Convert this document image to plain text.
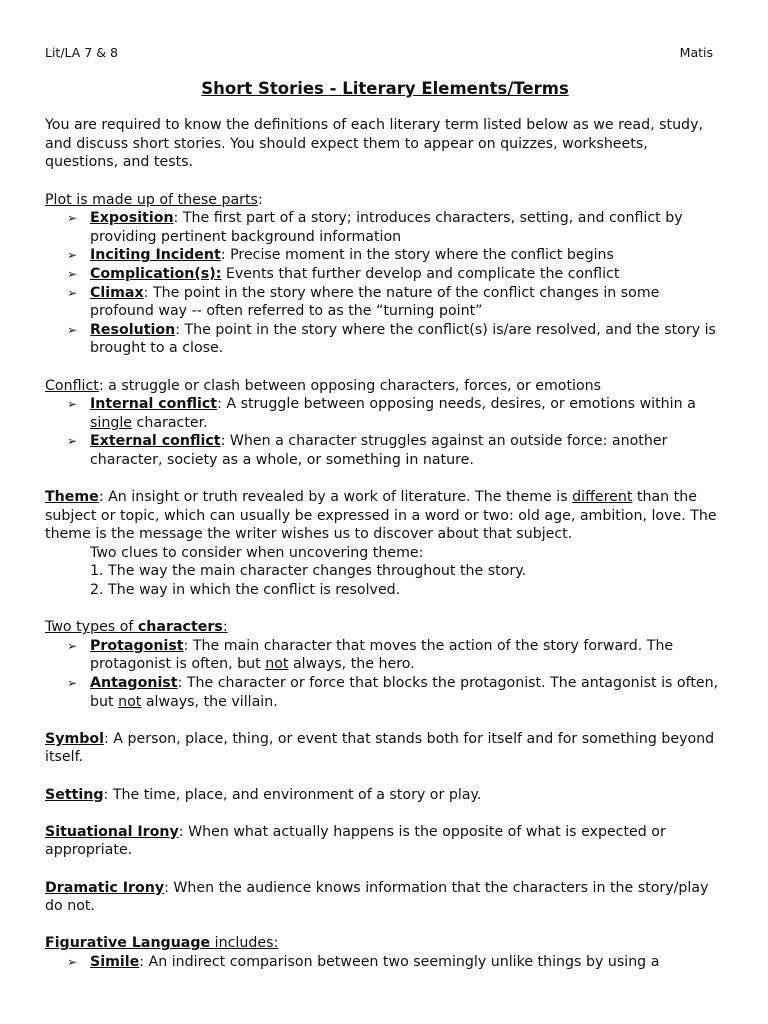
Lit/LA 7 & 8	Matis
Short Stories - Literary Elements/Terms

You are required to know the definitions of each literary term listed below as we read, study, and discuss short stories. You should expect them to appear on quizzes, worksheets, questions, and tests.

Plot is made up of these parts:

➢ Exposition: The first part of a story; introduces characters, setting, and conflict by providing pertinent background information
➢ Inciting Incident: Precise moment in the story where the conflict begins
➢ Complication(s): Events that further develop and complicate the conflict
➢ Climax: The point in the story where the nature of the conflict changes in some profound way -- often referred to as the “turning point”
➢ Resolution: The point in the story where the conflict(s) is/are resolved, and the story is brought to a close.

Conflict: a struggle or clash between opposing characters, forces, or emotions

➢ Internal conflict: A struggle between opposing needs, desires, or emotions within a single character.
➢ External conflict: When a character struggles against an outside force: another character, society as a whole, or something in nature.

Theme: An insight or truth revealed by a work of literature. The theme is different than the subject or topic, which can usually be expressed in a word or two: old age, ambition, love. The theme is the message the writer wishes us to discover about that subject.

Two clues to consider when uncovering theme:

1. The way the main character changes throughout the story.

2. The way in which the conflict is resolved.

Two types of characters:

➢ Protagonist: The main character that moves the action of the story forward. The protagonist is often, but not always, the hero.
➢ Antagonist: The character or force that blocks the protagonist. The antagonist is often, but not always, the villain.

Symbol: A person, place, thing, or event that stands both for itself and for something beyond itself.

Setting: The time, place, and environment of a story or play.

Situational Irony: When what actually happens is the opposite of what is expected or appropriate.

Dramatic Irony: When the audience knows information that the characters in the story/play do not.

Figurative Language includes:

➢ Simile: An indirect comparison between two seemingly unlike things by using a
